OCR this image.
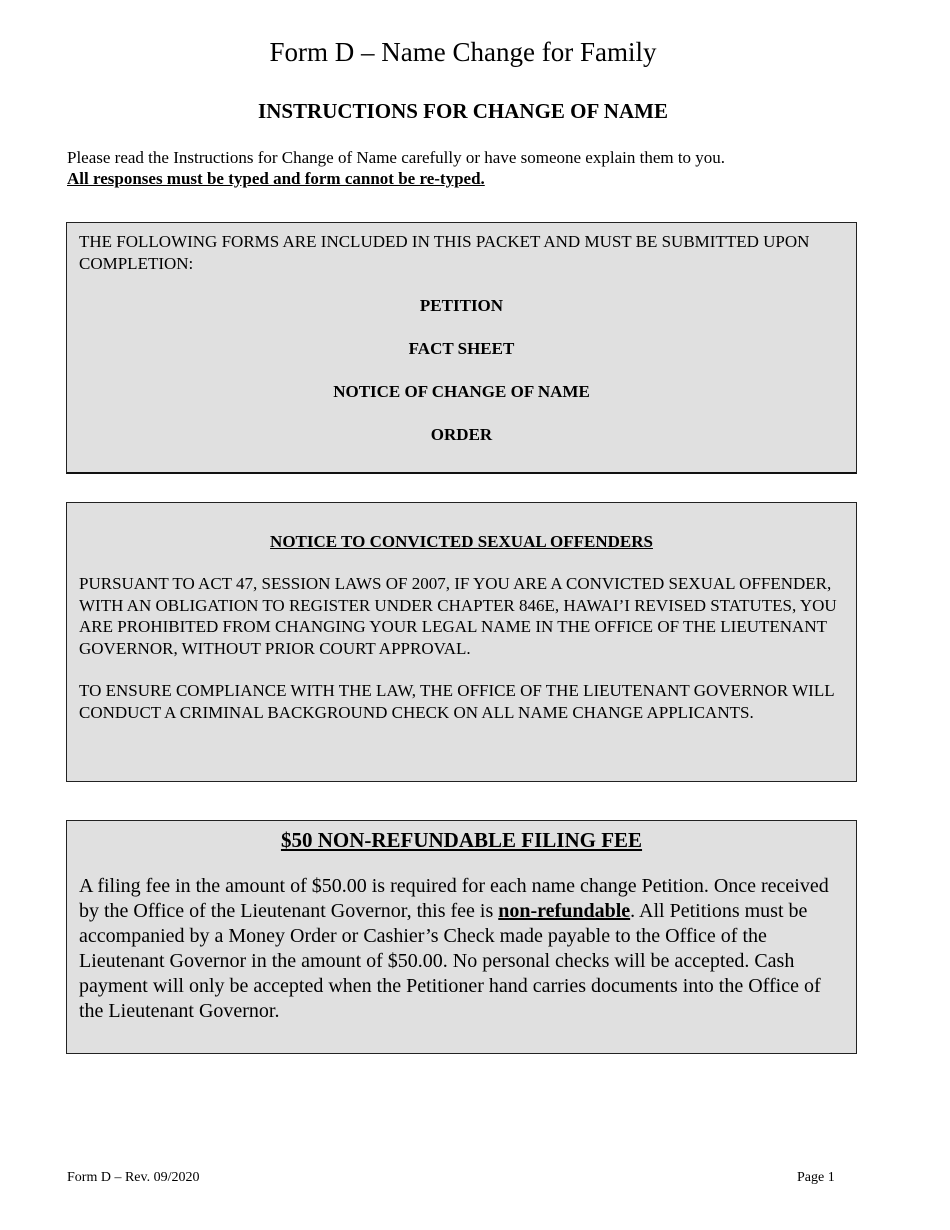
Form D – Name Change for Family
INSTRUCTIONS FOR CHANGE OF NAME
Please read the Instructions for Change of Name carefully or have someone explain them to you.
All responses must be typed and form cannot be re-typed.
THE FOLLOWING FORMS ARE INCLUDED IN THIS PACKET AND MUST BE SUBMITTED UPON COMPLETION:
PETITION
FACT SHEET
NOTICE OF CHANGE OF NAME
ORDER
NOTICE TO CONVICTED SEXUAL OFFENDERS
PURSUANT TO ACT 47, SESSION LAWS OF 2007, IF YOU ARE A CONVICTED SEXUAL OFFENDER, WITH AN OBLIGATION TO REGISTER UNDER CHAPTER 846E, HAWAI’I REVISED STATUTES, YOU ARE PROHIBITED FROM CHANGING YOUR LEGAL NAME IN THE OFFICE OF THE LIEUTENANT GOVERNOR, WITHOUT PRIOR COURT APPROVAL.
TO ENSURE COMPLIANCE WITH THE LAW, THE OFFICE OF THE LIEUTENANT GOVERNOR WILL CONDUCT A CRIMINAL BACKGROUND CHECK ON ALL NAME CHANGE APPLICANTS.
$50 NON-REFUNDABLE FILING FEE
A filing fee in the amount of $50.00 is required for each name change Petition. Once received by the Office of the Lieutenant Governor, this fee is non-refundable. All Petitions must be accompanied by a Money Order or Cashier’s Check made payable to the Office of the Lieutenant Governor in the amount of $50.00. No personal checks will be accepted. Cash payment will only be accepted when the Petitioner hand carries documents into the Office of the Lieutenant Governor.
Form D – Rev. 09/2020	Page 1
